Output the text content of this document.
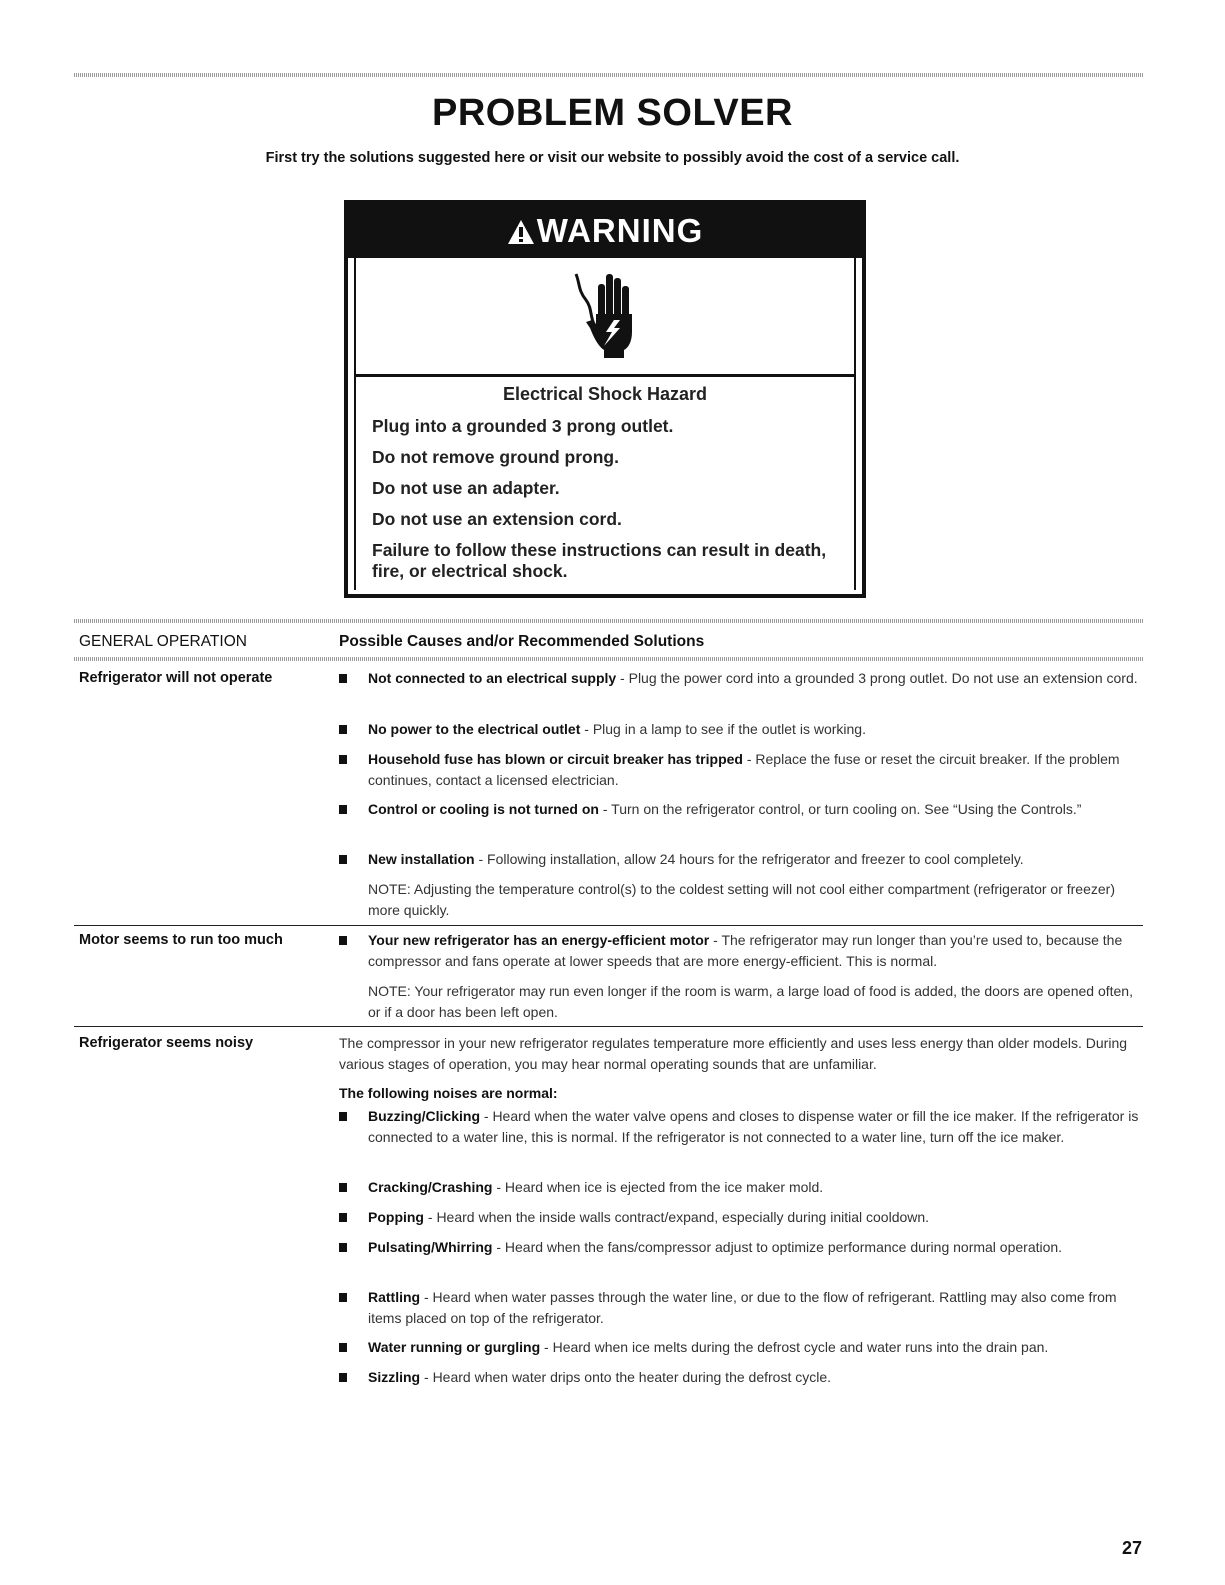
PROBLEM SOLVER
First try the solutions suggested here or visit our website to possibly avoid the cost of a service call.
WARNING
Electrical Shock Hazard
Plug into a grounded 3 prong outlet.
Do not remove ground prong.
Do not use an adapter.
Do not use an extension cord.
Failure to follow these instructions can result in death, fire, or electrical shock.
GENERAL OPERATION	Possible Causes and/or Recommended Solutions
Refrigerator will not operate	Not connected to an electrical supply - Plug the power cord into a grounded 3 prong outlet. Do not use an extension cord.
No power to the electrical outlet - Plug in a lamp to see if the outlet is working.
Household fuse has blown or circuit breaker has tripped - Replace the fuse or reset the circuit breaker. If the problem continues, contact a licensed electrician.
Control or cooling is not turned on - Turn on the refrigerator control, or turn cooling on. See “Using the Controls.”
New installation - Following installation, allow 24 hours for the refrigerator and freezer to cool completely.
NOTE: Adjusting the temperature control(s) to the coldest setting will not cool either compartment (refrigerator or freezer) more quickly.
Motor seems to run too much	Your new refrigerator has an energy-efficient motor - The refrigerator may run longer than you’re used to, because the compressor and fans operate at lower speeds that are more energy-efficient. This is normal.
NOTE: Your refrigerator may run even longer if the room is warm, a large load of food is added, the doors are opened often, or if a door has been left open.
Refrigerator seems noisy	The compressor in your new refrigerator regulates temperature more efficiently and uses less energy than older models. During various stages of operation, you may hear normal operating sounds that are unfamiliar.
The following noises are normal:
Buzzing/Clicking - Heard when the water valve opens and closes to dispense water or fill the ice maker. If the refrigerator is connected to a water line, this is normal. If the refrigerator is not connected to a water line, turn off the ice maker.
Cracking/Crashing - Heard when ice is ejected from the ice maker mold.
Popping - Heard when the inside walls contract/expand, especially during initial cooldown.
Pulsating/Whirring - Heard when the fans/compressor adjust to optimize performance during normal operation.
Rattling - Heard when water passes through the water line, or due to the flow of refrigerant. Rattling may also come from items placed on top of the refrigerator.
Water running or gurgling - Heard when ice melts during the defrost cycle and water runs into the drain pan.
Sizzling - Heard when water drips onto the heater during the defrost cycle.
27
